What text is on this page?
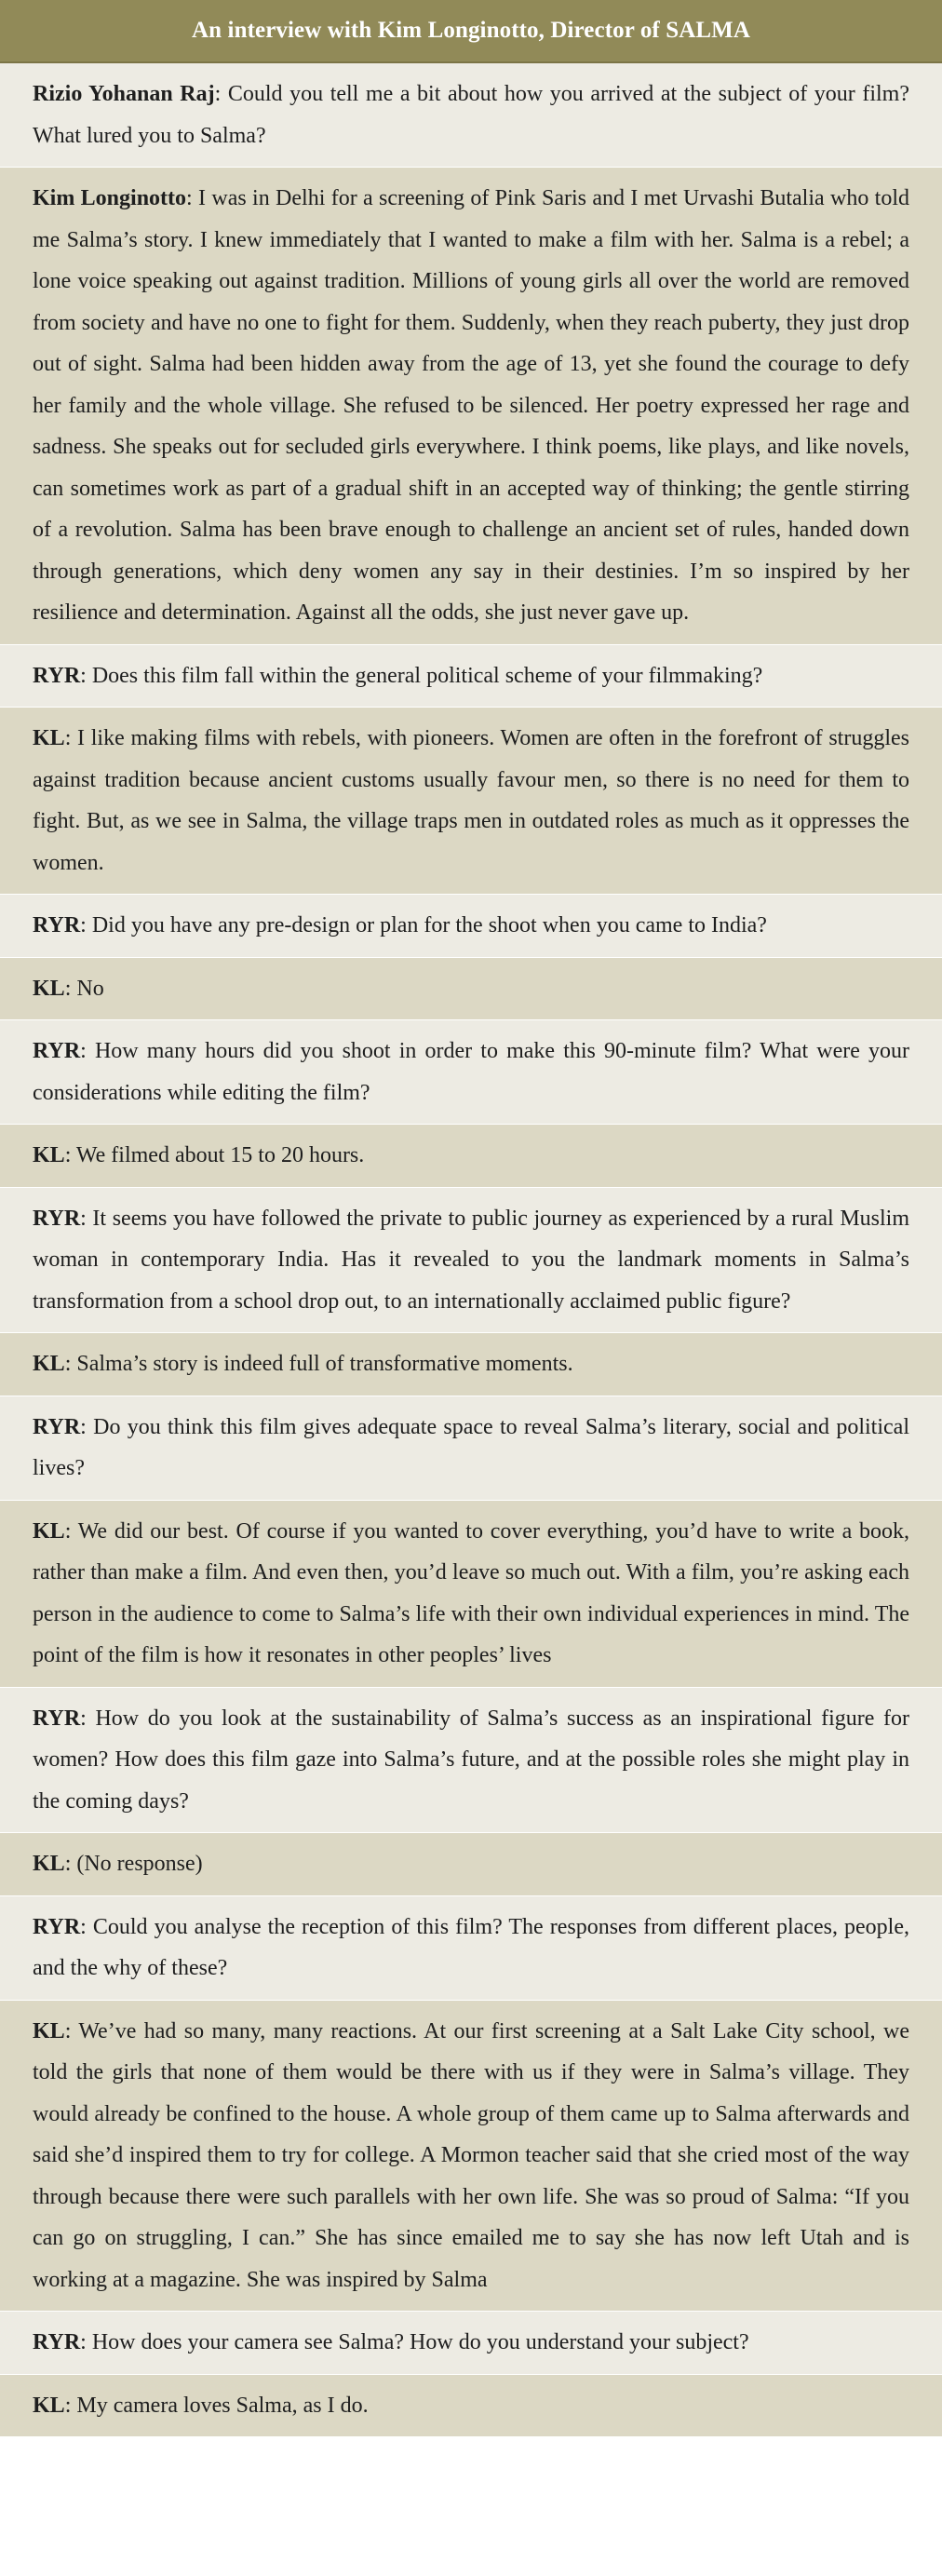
An interview with Kim Longinotto, Director of SALMA
Rizio Yohanan Raj: Could you tell me a bit about how you arrived at the subject of your film? What lured you to Salma?
Kim Longinotto: I was in Delhi for a screening of Pink Saris and I met Urvashi Butalia who told me Salma’s story. I knew immediately that I wanted to make a film with her. Salma is a rebel; a lone voice speaking out against tradition. Millions of young girls all over the world are removed from society and have no one to fight for them. Suddenly, when they reach puberty, they just drop out of sight. Salma had been hidden away from the age of 13, yet she found the courage to defy her family and the whole village. She refused to be silenced. Her poetry expressed her rage and sadness. She speaks out for secluded girls everywhere. I think poems, like plays, and like novels, can sometimes work as part of a gradual shift in an accepted way of thinking; the gentle stirring of a revolution. Salma has been brave enough to challenge an ancient set of rules, handed down through generations, which deny women any say in their destinies. I’m so inspired by her resilience and determination. Against all the odds, she just never gave up.
RYR: Does this film fall within the general political scheme of your filmmaking?
KL: I like making films with rebels, with pioneers. Women are often in the forefront of struggles against tradition because ancient customs usually favour men, so there is no need for them to fight. But, as we see in Salma, the village traps men in outdated roles as much as it oppresses the women.
RYR: Did you have any pre-design or plan for the shoot when you came to India?
KL: No
RYR: How many hours did you shoot in order to make this 90-minute film? What were your considerations while editing the film?
KL: We filmed about 15 to 20 hours.
RYR: It seems you have followed the private to public journey as experienced by a rural Muslim woman in contemporary India. Has it revealed to you the landmark moments in Salma’s transformation from a school drop out, to an internationally acclaimed public figure?
KL: Salma’s story is indeed full of transformative moments.
RYR: Do you think this film gives adequate space to reveal Salma’s literary, social and political lives?
KL: We did our best. Of course if you wanted to cover everything, you’d have to write a book, rather than make a film. And even then, you’d leave so much out. With a film, you’re asking each person in the audience to come to Salma’s life with their own individual experiences in mind. The point of the film is how it resonates in other peoples’ lives
RYR: How do you look at the sustainability of Salma’s success as an inspirational figure for women? How does this film gaze into Salma’s future, and at the possible roles she might play in the coming days?
KL: (No response)
RYR: Could you analyse the reception of this film? The responses from different places, people, and the why of these?
KL: We’ve had so many, many reactions. At our first screening at a Salt Lake City school, we told the girls that none of them would be there with us if they were in Salma’s village. They would already be confined to the house. A whole group of them came up to Salma afterwards and said she’d inspired them to try for college. A Mormon teacher said that she cried most of the way through because there were such parallels with her own life. She was so proud of Salma: “If you can go on struggling, I can.” She has since emailed me to say she has now left Utah and is working at a magazine. She was inspired by Salma
RYR: How does your camera see Salma? How do you understand your subject?
KL: My camera loves Salma, as I do.
